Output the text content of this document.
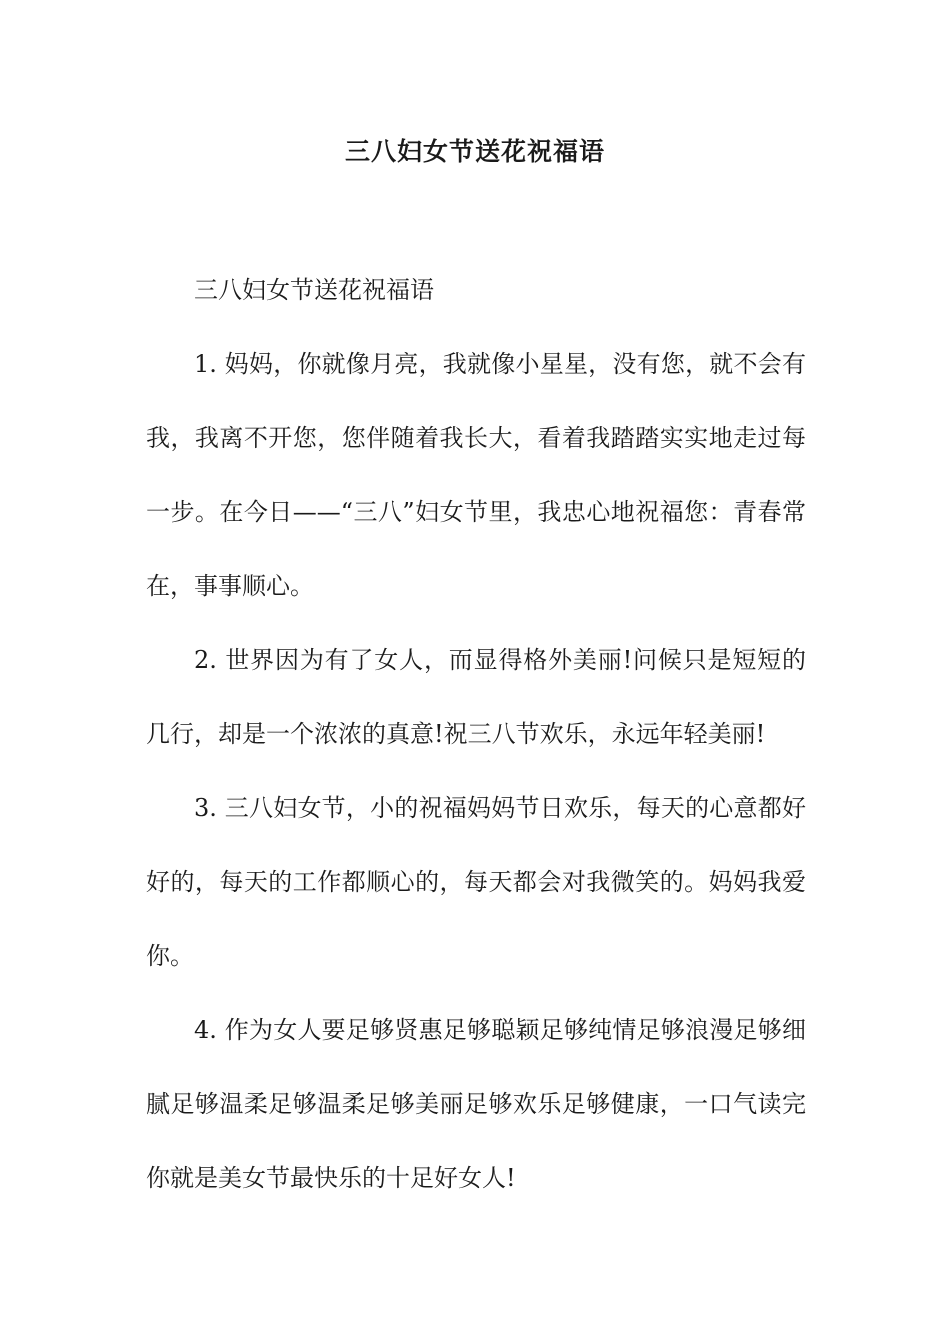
三八妇女节送花祝福语

三八妇女节送花祝福语

1. 妈妈，你就像月亮，我就像小星星，没有您，就不会有我，我离不开您，您伴随着我长大，看着我踏踏实实地走过每一步。在今日——“三八”妇女节里，我忠心地祝福您：青春常在，事事顺心。

2. 世界因为有了女人，而显得格外美丽!问候只是短短的几行，却是一个浓浓的真意!祝三八节欢乐，永远年轻美丽!

3. 三八妇女节，小的祝福妈妈节日欢乐，每天的心意都好好的，每天的工作都顺心的，每天都会对我微笑的。妈妈我爱你。

4. 作为女人要足够贤惠足够聪颖足够纯情足够浪漫足够细腻足够温柔足够温柔足够美丽足够欢乐足够健康，一口气读完你就是美女节最快乐的十足好女人!
